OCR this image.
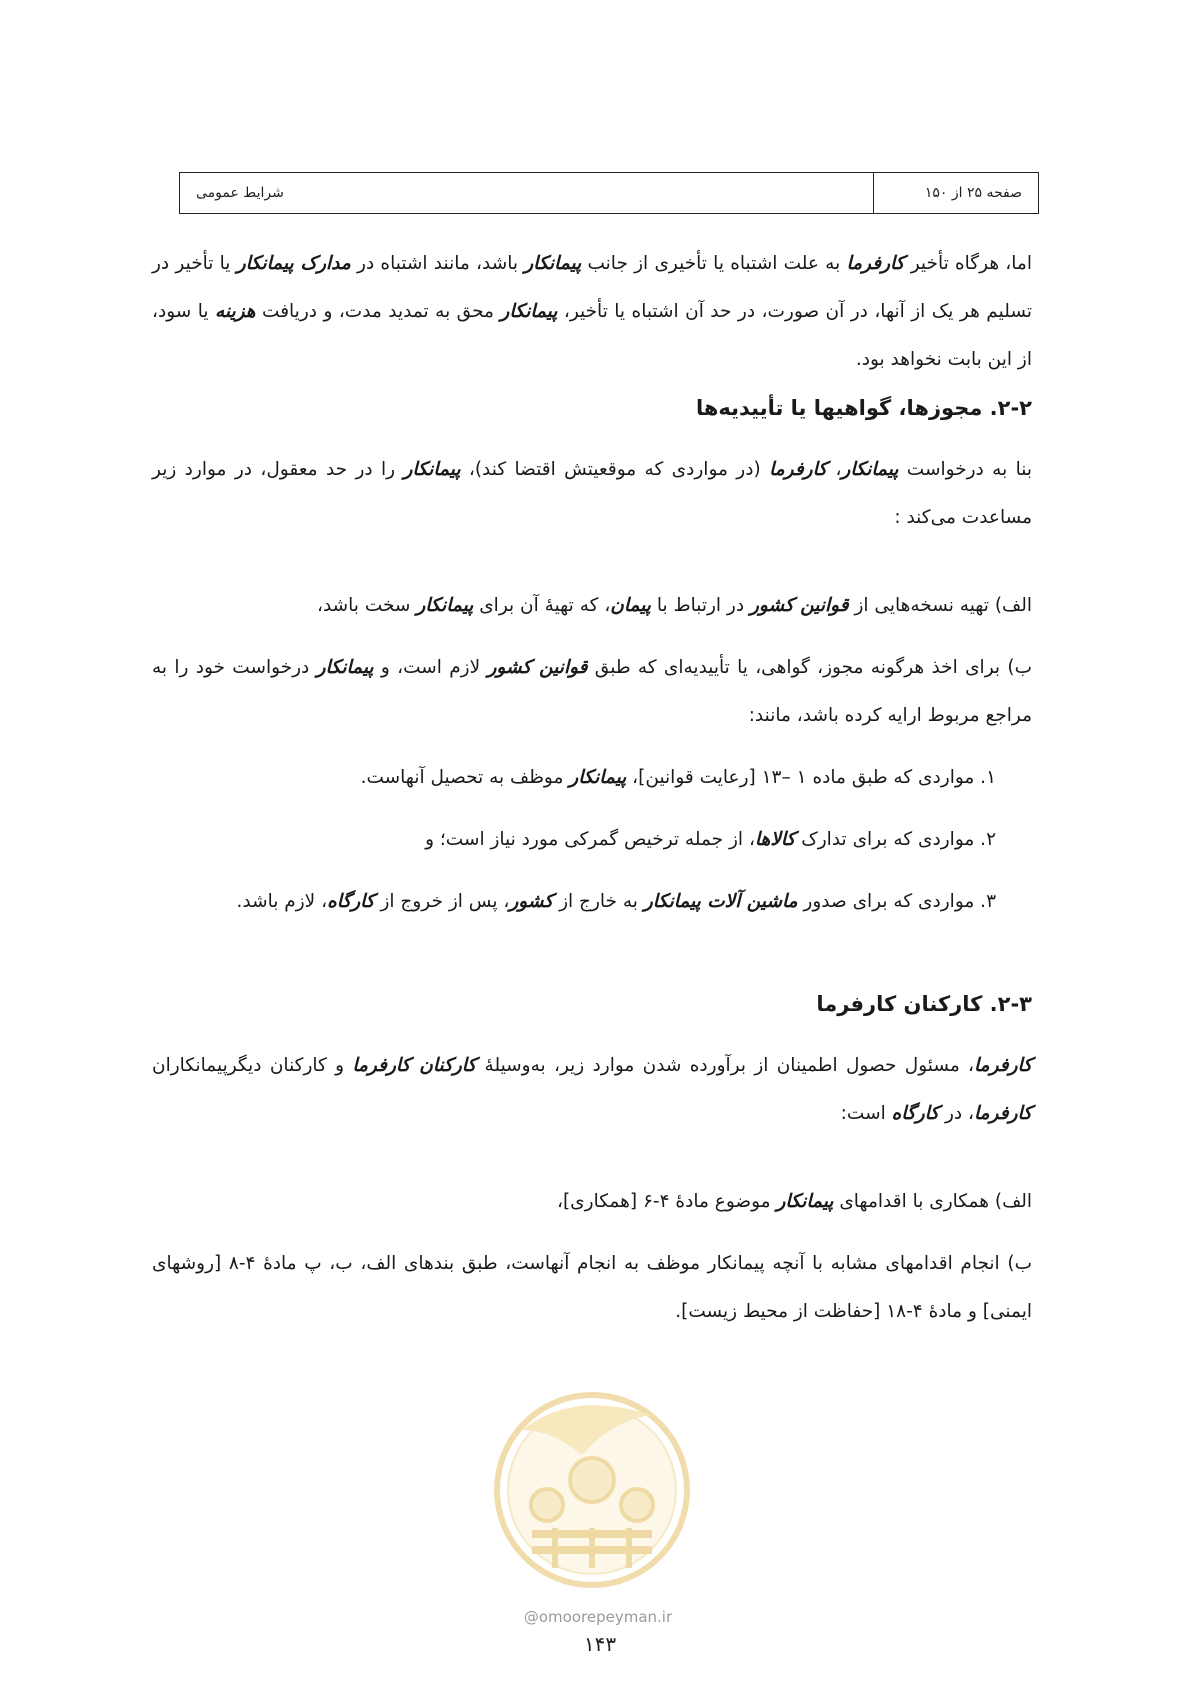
صفحه ۲۵ از ۱۵۰
شرایط عمومی

اما، هرگاه تأخیر کارفرما به علت اشتباه یا تأخیری از جانب پیمانکار باشد، مانند اشتباه در مدارک پیمانکار یا تأخیر در تسلیم هر یک از آنها، در آن صورت، در حد آن اشتباه یا تأخیر، پیمانکار محق به تمدید مدت، و دریافت هزینه یا سود، از این بابت نخواهد بود.

۲-۲. مجوزها، گواهیها یا تأییدیه‌ها

بنا به درخواست پیمانکار، کارفرما (در مواردی که موقعیتش اقتضا کند)، پیمانکار را در حد معقول، در موارد زیر مساعدت می‌کند :

الف) تهیه نسخه‌هایی از قوانین کشور در ارتباط با پیمان، که تهیهٔ آن برای پیمانکار سخت باشد،

ب) برای اخذ هرگونه مجوز، گواهی، یا تأییدیه‌ای که طبق قوانین کشور لازم است، و پیمانکار درخواست خود را به مراجع مربوط ارایه کرده باشد، مانند:

۱. مواردی که طبق ماده ۱ –۱۳ [رعایت قوانین]، پیمانکار موظف به تحصیل آنهاست.

۲. مواردی که برای تدارک کالاها، از جمله ترخیص گمرکی مورد نیاز است؛ و

۳. مواردی که برای صدور ماشین آلات پیمانکار به خارج از کشور، پس از خروج از کارگاه، لازم باشد.

۲-۳. کارکنان کارفرما

کارفرما، مسئول حصول اطمینان از برآورده شدن موارد زیر، به‌وسیلهٔ کارکنان کارفرما و کارکنان دیگرپیمانکاران کارفرما، در کارگاه است:

الف) همکاری با اقدامهای پیمانکار موضوع مادهٔ ۴-۶ [همکاری]،

ب) انجام اقدامهای مشابه با آنچه پیمانکار موظف به انجام آنهاست، طبق بندهای الف، ب، پ مادهٔ ۴-۸ [روشهای ایمنی] و مادهٔ ۴-۱۸ [حفاظت از محیط زیست].

@omoorepeyman.ir
۱۴۳
